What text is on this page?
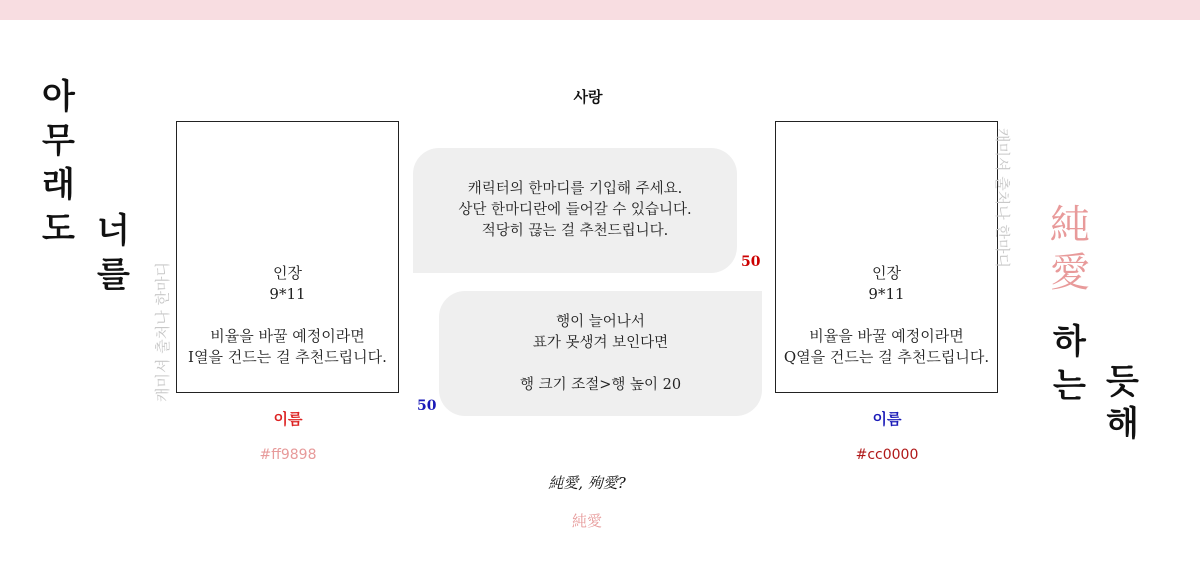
아
무
래
도 너
를 캐미셔 출처나 한마디	인장
9*11
비율을 바꿀 예정이라면
I열을 건드는 걸 추천드립니다.
이름
#ff9898
사랑
캐릭터의 한마디를 기입해 주세요.
상단 한마디란에 들어갈 수 있습니다.
적당히 끊는 걸 추천드립니다.
50
행이 늘어나서
표가 못생겨 보인다면
행 크기 조절>행 높이 20
50
인장
9*11
비율을 바꿀 예정이라면
Q열을 건드는 걸 추천드립니다.
이름
#cc0000
캐미셔 출처나 한마디 純
愛
하
는 듯
해
純愛, 殉愛?
純愛
